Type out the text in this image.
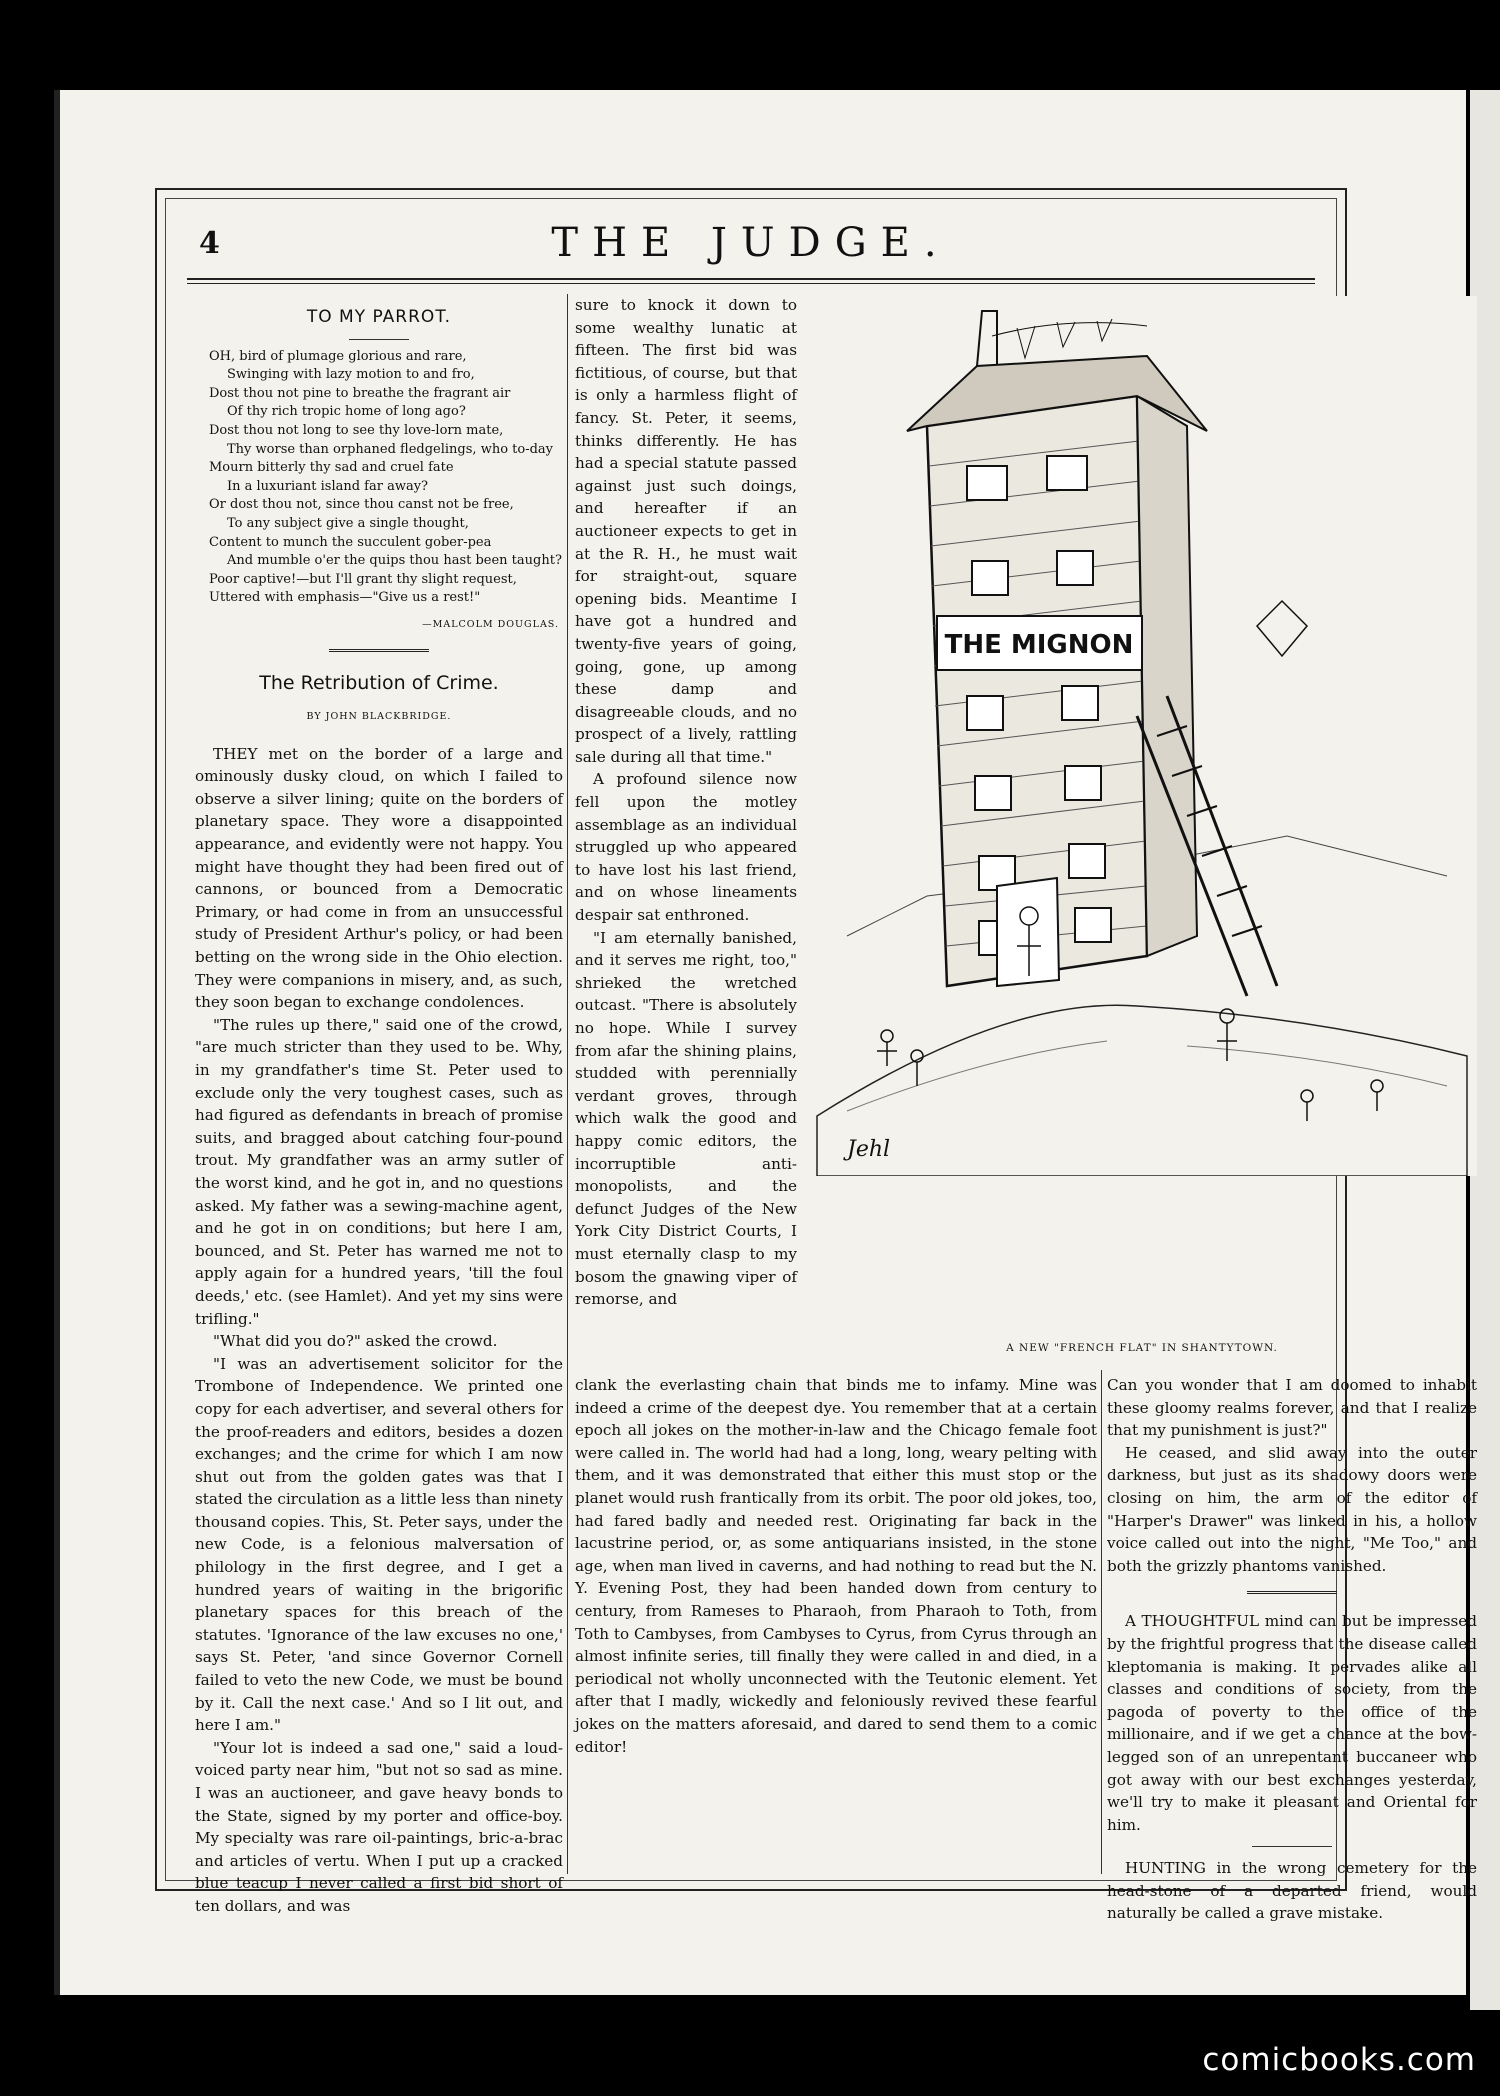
4	THE JUDGE.
TO MY PARROT.
OH, bird of plumage glorious and rare,
Swinging with lazy motion to and fro,
Dost thou not pine to breathe the fragrant air
Of thy rich tropic home of long ago?
Dost thou not long to see thy love-lorn mate,
Thy worse than orphaned fledgelings, who to-day
Mourn bitterly thy sad and cruel fate
In a luxuriant island far away?
Or dost thou not, since thou canst not be free,
To any subject give a single thought,
Content to munch the succulent gober-pea
And mumble o'er the quips thou hast been taught?
Poor captive!—but I'll grant thy slight request,
Uttered with emphasis—"Give us a rest!"
—MALCOLM DOUGLAS.
The Retribution of Crime.
BY JOHN BLACKBRIDGE.

THEY met on the border of a large and ominously dusky cloud, on which I failed to observe a silver lining; quite on the borders of planetary space. They wore a disappointed appearance, and evidently were not happy. You might have thought they had been fired out of cannons, or bounced from a Democratic Primary, or had come in from an unsuccessful study of President Arthur's policy, or had been betting on the wrong side in the Ohio election. They were companions in misery, and, as such, they soon began to exchange condolences.

"The rules up there," said one of the crowd, "are much stricter than they used to be. Why, in my grandfather's time St. Peter used to exclude only the very toughest cases, such as had figured as defendants in breach of promise suits, and bragged about catching four-pound trout. My grandfather was an army sutler of the worst kind, and he got in, and no questions asked. My father was a sewing-machine agent, and he got in on conditions; but here I am, bounced, and St. Peter has warned me not to apply again for a hundred years, 'till the foul deeds,' etc. (see Hamlet). And yet my sins were trifling."

"What did you do?" asked the crowd.

"I was an advertisement solicitor for the Trombone of Independence. We printed one copy for each advertiser, and several others for the proof-readers and editors, besides a dozen exchanges; and the crime for which I am now shut out from the golden gates was that I stated the circulation as a little less than ninety thousand copies. This, St. Peter says, under the new Code, is a felonious malversation of philology in the first degree, and I get a hundred years of waiting in the brigorific planetary spaces for this breach of the statutes. 'Ignorance of the law excuses no one,' says St. Peter, 'and since Governor Cornell failed to veto the new Code, we must be bound by it. Call the next case.' And so I lit out, and here I am."

"Your lot is indeed a sad one," said a loud-voiced party near him, "but not so sad as mine. I was an auctioneer, and gave heavy bonds to the State, signed by my porter and office-boy. My specialty was rare oil-paintings, bric-a-brac and articles of vertu. When I put up a cracked blue teacup I never called a first bid short of ten dollars, and was

sure to knock it down to some wealthy lunatic at fifteen. The first bid was fictitious, of course, but that is only a harmless flight of fancy. St. Peter, it seems, thinks differently. He has had a special statute passed against just such doings, and hereafter if an auctioneer expects to get in at the R. H., he must wait for straight-out, square opening bids. Meantime I have got a hundred and twenty-five years of going, going, gone, up among these damp and disagreeable clouds, and no prospect of a lively, rattling sale during all that time."

A profound silence now fell upon the motley assemblage as an individual struggled up who appeared to have lost his last friend, and on whose lineaments despair sat enthroned.

"I am eternally banished, and it serves me right, too," shrieked the wretched outcast. "There is absolutely no hope. While I survey from afar the shining plains, studded with perennially verdant groves, through which walk the good and happy comic editors, the incorruptible anti-monopolists, and the defunct Judges of the New York City District Courts, I must eternally clasp to my bosom the gnawing viper of remorse, and

THE MIGNON
Jehl
A NEW "FRENCH FLAT" IN SHANTYTOWN.

clank the everlasting chain that binds me to infamy. Mine was indeed a crime of the deepest dye. You remember that at a certain epoch all jokes on the mother-in-law and the Chicago female foot were called in. The world had had a long, long, weary pelting with them, and it was demonstrated that either this must stop or the planet would rush frantically from its orbit. The poor old jokes, too, had fared badly and needed rest. Originating far back in the lacustrine period, or, as some antiquarians insisted, in the stone age, when man lived in caverns, and had nothing to read but the N. Y. Evening Post, they had been handed down from century to century, from Rameses to Pharaoh, from Pharaoh to Toth, from Toth to Cambyses, from Cambyses to Cyrus, from Cyrus through an almost infinite series, till finally they were called in and died, in a periodical not wholly unconnected with the Teutonic element. Yet after that I madly, wickedly and feloniously revived these fearful jokes on the matters aforesaid, and dared to send them to a comic editor!

Can you wonder that I am doomed to inhabit these gloomy realms forever, and that I realize that my punishment is just?"

He ceased, and slid away into the outer darkness, but just as its shadowy doors were closing on him, the arm of the editor of "Harper's Drawer" was linked in his, a hollow voice called out into the night, "Me Too," and both the grizzly phantoms vanished.

A THOUGHTFUL mind can but be impressed by the frightful progress that the disease called kleptomania is making. It pervades alike all classes and conditions of society, from the pagoda of poverty to the office of the millionaire, and if we get a chance at the bow-legged son of an unrepentant buccaneer who got away with our best exchanges yesterday, we'll try to make it pleasant and Oriental for him.

HUNTING in the wrong cemetery for the head-stone of a departed friend, would naturally be called a grave mistake.

comicbooks.com
